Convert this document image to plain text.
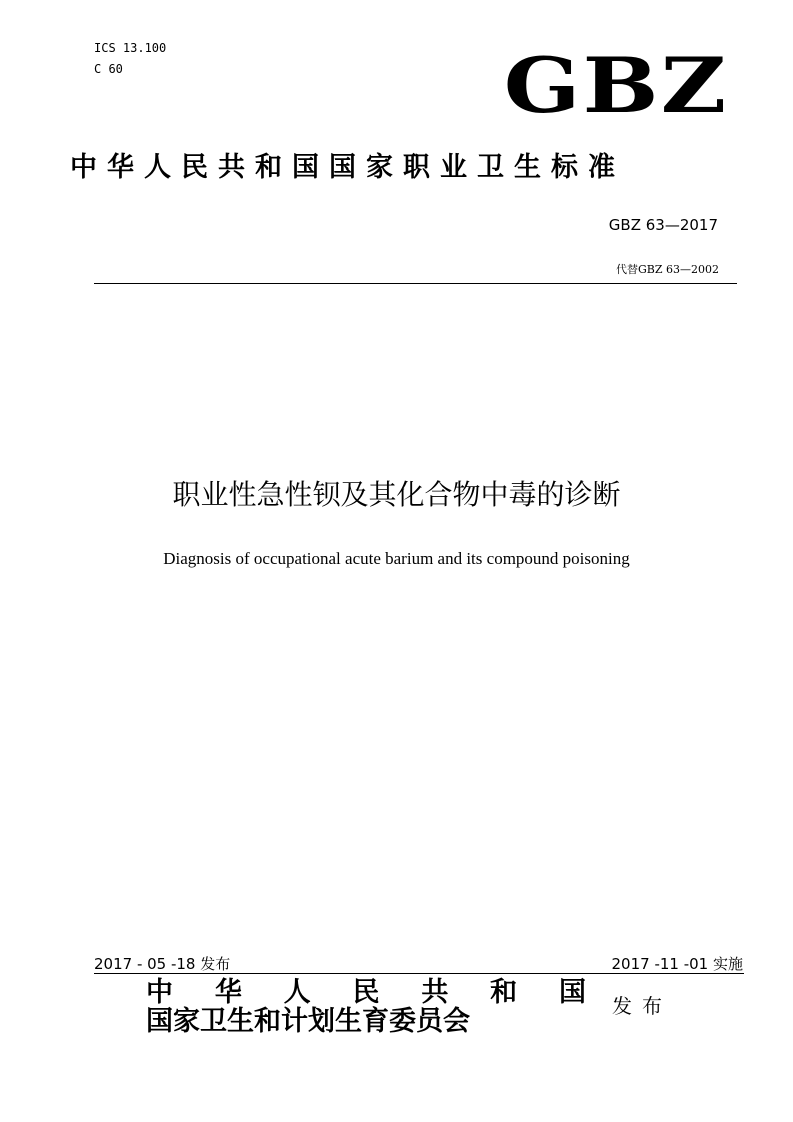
ICS 13.100
C 60	GBZ
中华人民共和国国家职业卫生标准
GBZ 63—2017
代替GBZ 63—2002
职业性急性钡及其化合物中毒的诊断
Diagnosis of occupational acute barium and its compound poisoning
2017 - 05 -18 发布	2017 -11 -01 实施
中 华 人 民 共 和 国
国家卫生和计划生育委员会	发布
